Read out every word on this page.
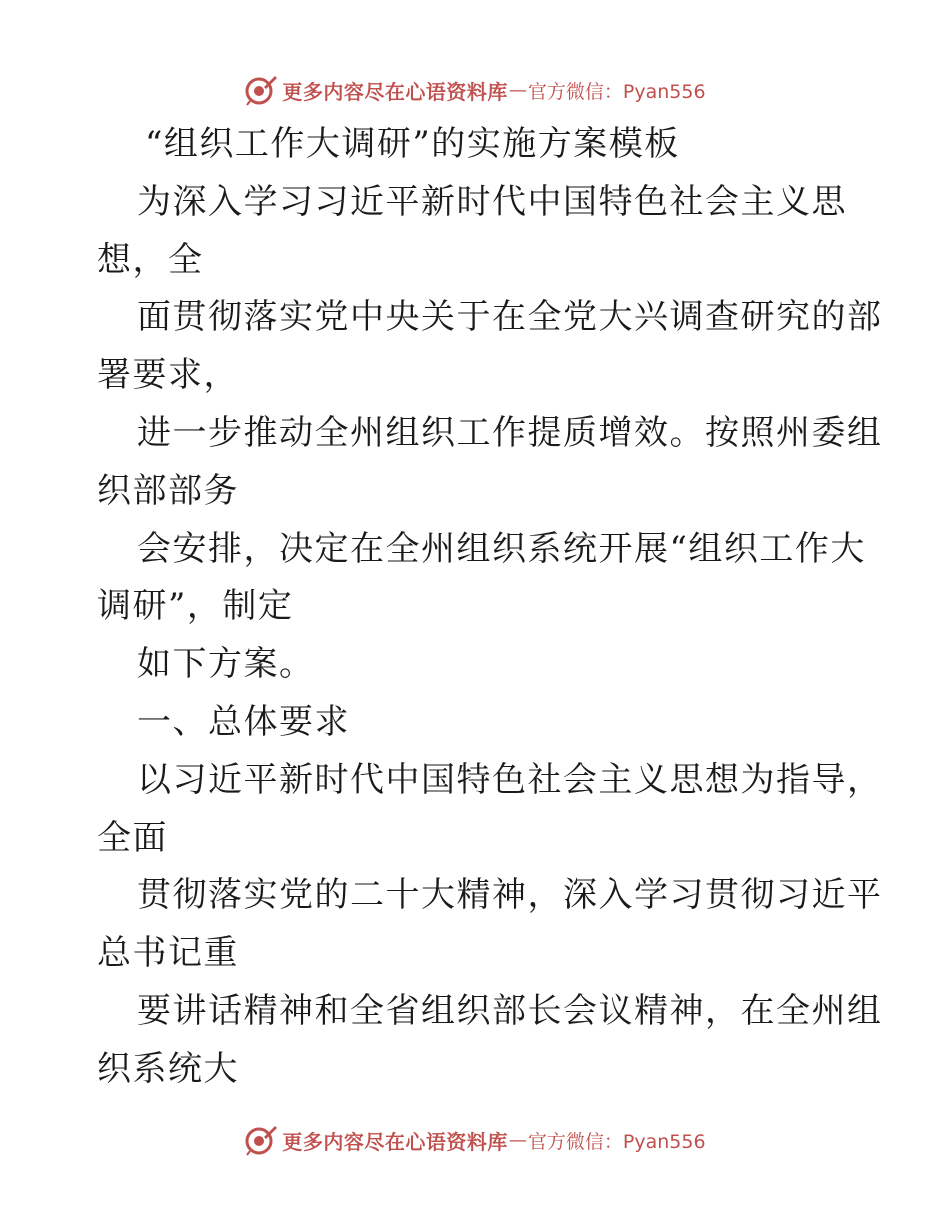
更多内容尽在心语资料库 — 官方微信：Pyan556
“组织工作大调研”的实施方案模板
为深入学习习近平新时代中国特色社会主义思
想，全
面贯彻落实党中央关于在全党大兴调查研究的部
署要求，
进一步推动全州组织工作提质增效。按照州委组
织部部务
会安排，决定在全州组织系统开展“组织工作大
调研”，制定
如下方案。
一、总体要求
以习近平新时代中国特色社会主义思想为指导，
全面
贯彻落实党的二十大精神，深入学习贯彻习近平
总书记重
要讲话精神和全省组织部长会议精神，在全州组
织系统大
更多内容尽在心语资料库 — 官方微信：Pyan556
